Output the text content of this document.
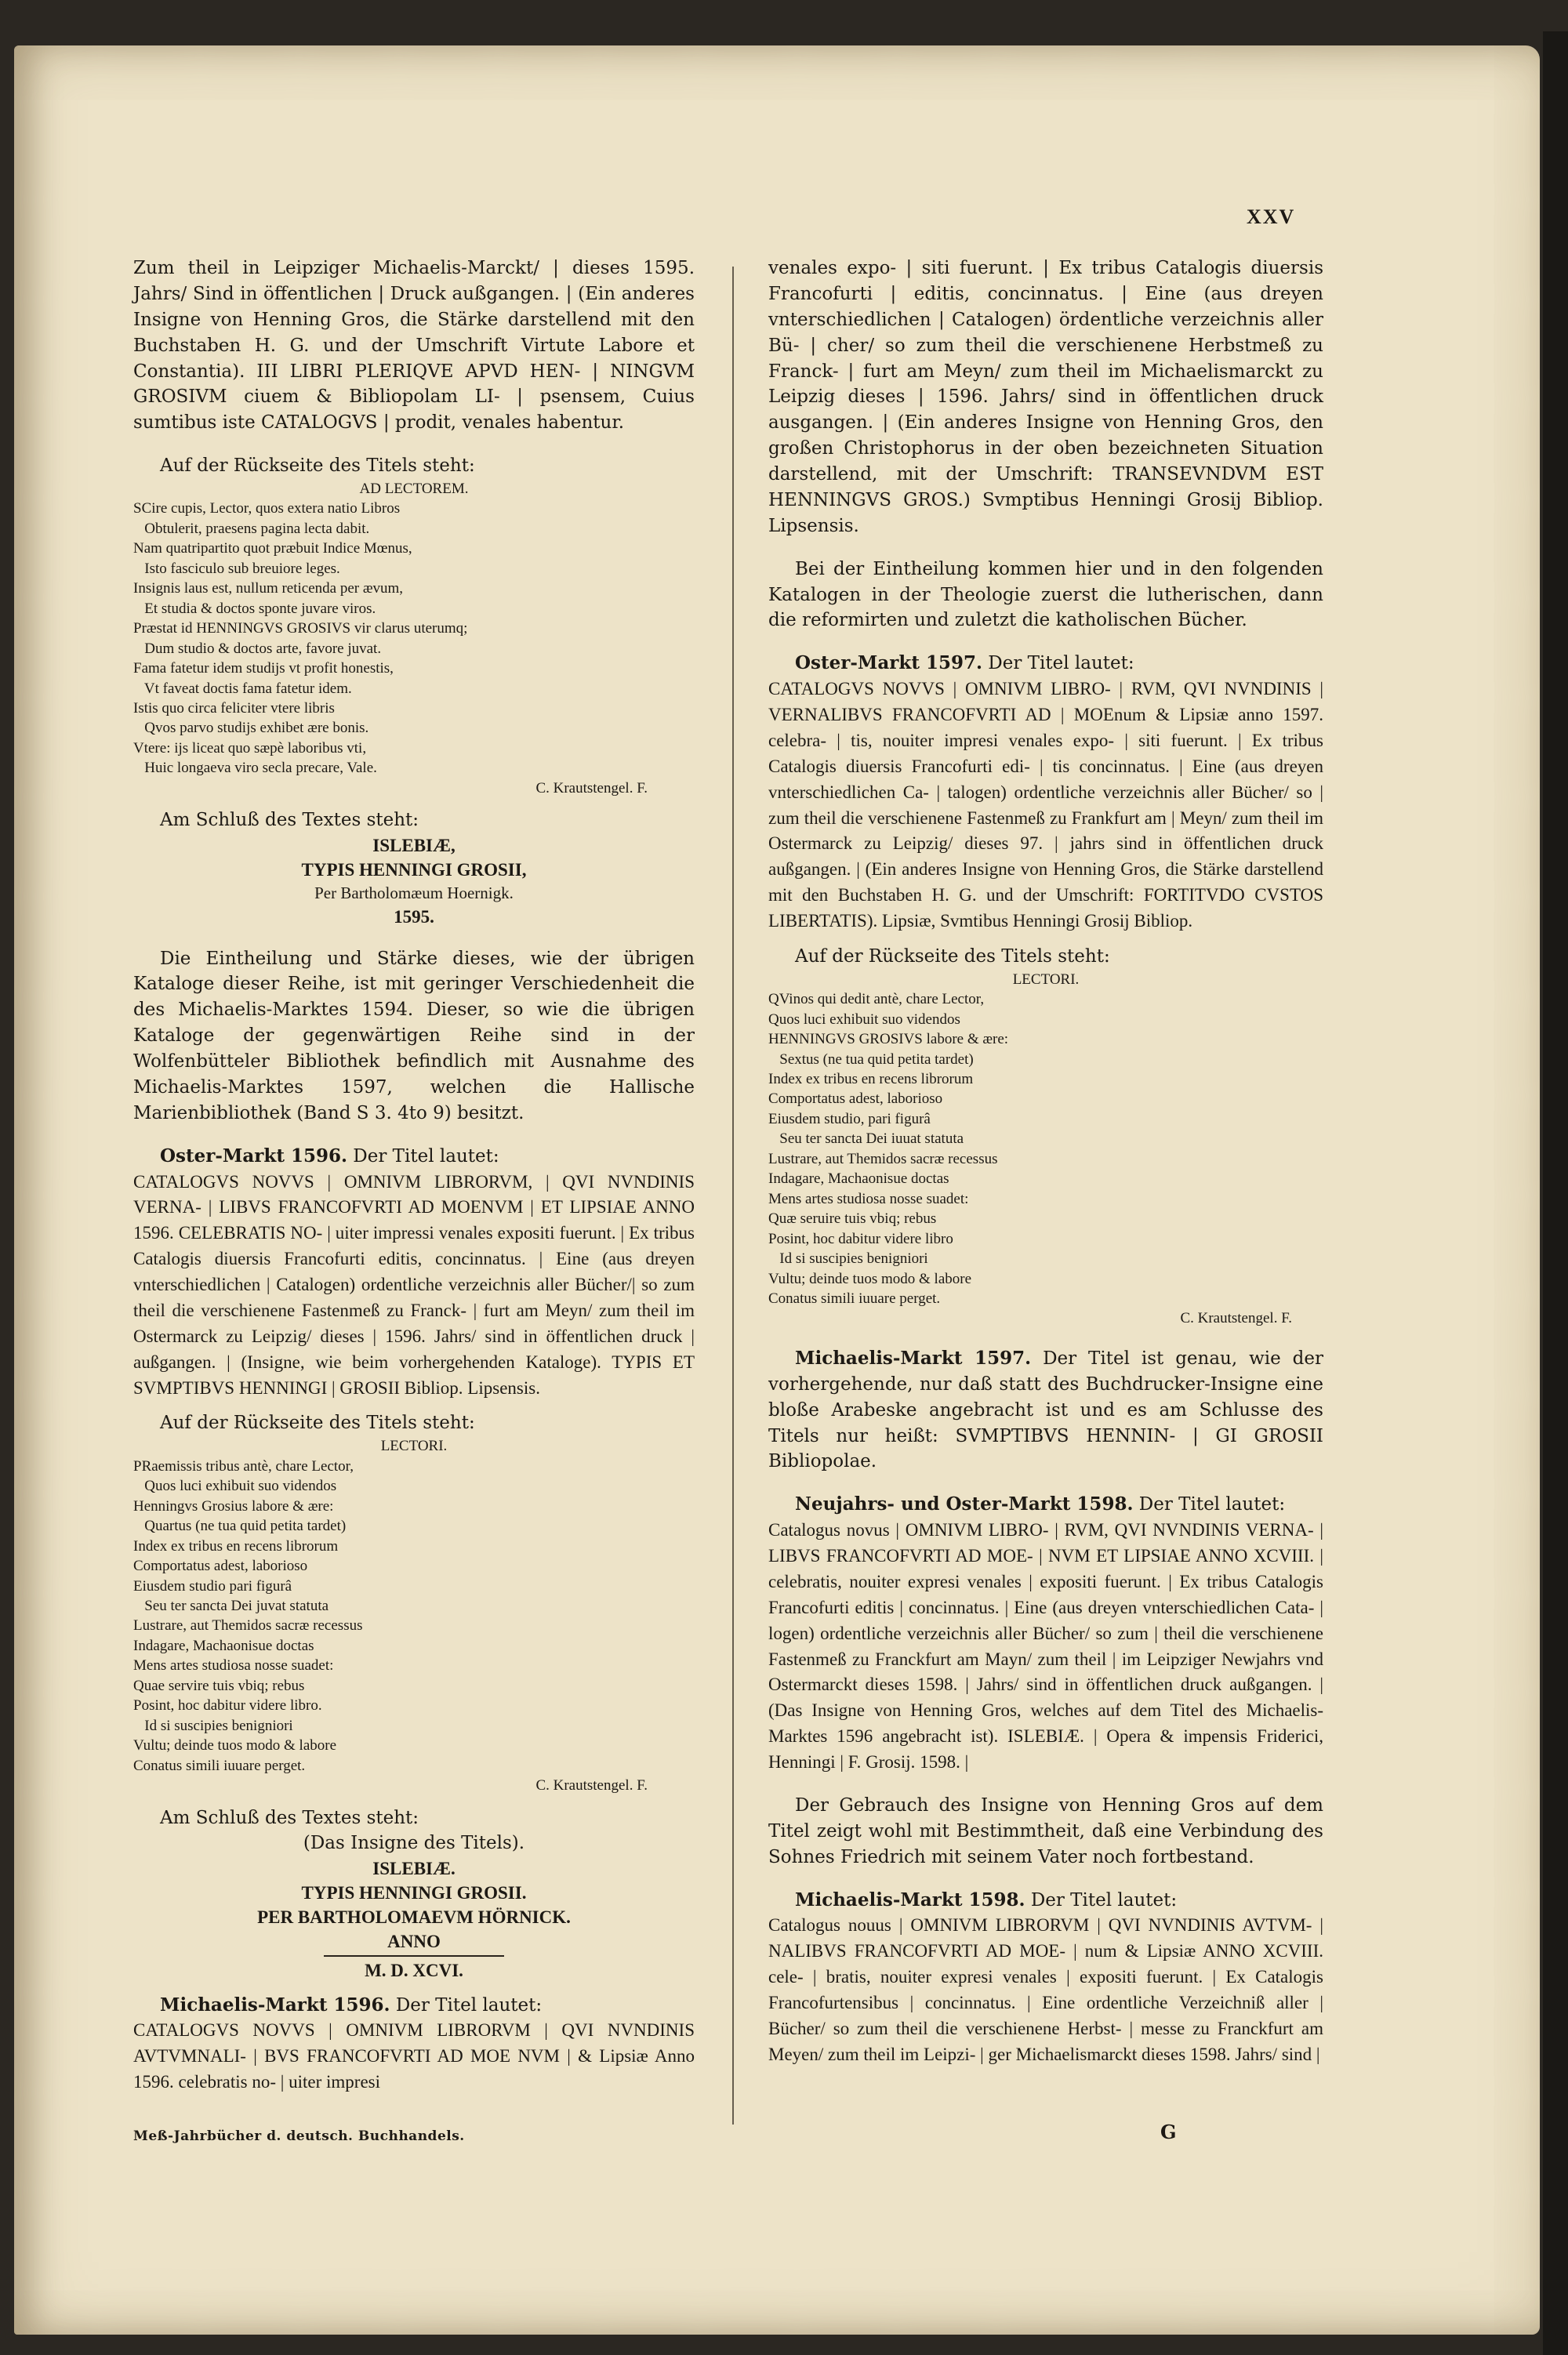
XXV

Zum theil in Leipziger Michaelis-Marckt/ | dieses 1595. Jahrs/ Sind in öffentlichen | Druck außgangen. | (Ein anderes Insigne von Henning Gros, die Stärke darstellend mit den Buchstaben H. G. und der Umschrift Virtute Labore et Constantia). III LIBRI PLERIQVE APVD HEN- | NINGVM GROSIVM ciuem & Bibliopolam LI- | psensem, Cuius sumtibus iste CATALOGVS | prodit, venales habentur.

Auf der Rückseite des Titels steht:

AD LECTOREM.
SCire cupis, Lector, quos extera natio Libros
Obtulerit, praesens pagina lecta dabit.
Nam quatripartito quot præbuit Indice Mœnus,
Isto fasciculo sub breuiore leges.
Insignis laus est, nullum reticenda per ævum,
Et studia & doctos sponte juvare viros.
Præstat id HENNINGVS GROSIVS vir clarus uterumq;
Dum studio & doctos arte, favore juvat.
Fama fatetur idem studijs vt profit honestis,
Vt faveat doctis fama fatetur idem.
Istis quo circa feliciter vtere libris
Qvos parvo studijs exhibet ære bonis.
Vtere: ijs liceat quo sæpè laboribus vti,
Huic longaeva viro secla precare, Vale.
C. Krautstengel. F.

Am Schluß des Textes steht:

ISLEBIÆ,
TYPIS HENNINGI GROSII,
Per Bartholomæum Hoernigk.
1595.

Die Eintheilung und Stärke dieses, wie der übrigen Kataloge dieser Reihe, ist mit geringer Verschiedenheit die des Michaelis-Marktes 1594. Dieser, so wie die übrigen Kataloge der gegenwärtigen Reihe sind in der Wolfenbütteler Bibliothek befindlich mit Ausnahme des Michaelis-Marktes 1597, welchen die Hallische Marienbibliothek (Band S 3. 4to 9) besitzt.

Oster-Markt 1596. Der Titel lautet:

CATALOGVS NOVVS | OMNIVM LIBRORVM, | QVI NVNDINIS VERNA- | LIBVS FRANCOFVRTI AD MOENVM | ET LIPSIAE ANNO 1596. CELEBRATIS NO- | uiter impressi venales expositi fuerunt. | Ex tribus Catalogis diuersis Francofurti editis, concinnatus. | Eine (aus dreyen vnterschiedlichen | Catalogen) ordentliche verzeichnis aller Bücher/| so zum theil die verschienene Fastenmeß zu Franck- | furt am Meyn/ zum theil im Ostermarck zu Leipzig/ dieses | 1596. Jahrs/ sind in öffentlichen druck | außgangen. | (Insigne, wie beim vorhergehenden Kataloge). TYPIS ET SVMPTIBVS HENNINGI | GROSII Bibliop. Lipsensis.

Auf der Rückseite des Titels steht:

LECTORI.
PRaemissis tribus antè, chare Lector,
Quos luci exhibuit suo videndos
Henningvs Grosius labore & ære:
Quartus (ne tua quid petita tardet)
Index ex tribus en recens librorum
Comportatus adest, laborioso
Eiusdem studio pari figurâ
Seu ter sancta Dei juvat statuta
Lustrare, aut Themidos sacræ recessus
Indagare, Machaonisue doctas
Mens artes studiosa nosse suadet:
Quae servire tuis vbiq; rebus
Posint, hoc dabitur videre libro.
Id si suscipies benigniori
Vultu; deinde tuos modo & labore
Conatus simili iuuare perget.
C. Krautstengel. F.

Am Schluß des Textes steht:

(Das Insigne des Titels).

ISLEBIÆ.
TYPIS HENNINGI GROSII.
PER BARTHOLOMAEVM HÖRNICK.
ANNO
M. D. XCVI.

Michaelis-Markt 1596. Der Titel lautet:

CATALOGVS NOVVS | OMNIVM LIBRORVM | QVI NVNDINIS AVTVMNALI- | BVS FRANCOFVRTI AD MOE NVM | & Lipsiæ Anno 1596. celebratis no- | uiter impresi

venales expo- | siti fuerunt. | Ex tribus Catalogis diuersis Francofurti | editis, concinnatus. | Eine (aus dreyen vnterschiedlichen | Catalogen) ördentliche verzeichnis aller Bü- | cher/ so zum theil die verschienene Herbstmeß zu Franck- | furt am Meyn/ zum theil im Michaelismarckt zu Leipzig dieses | 1596. Jahrs/ sind in öffentlichen druck ausgangen. | (Ein anderes Insigne von Henning Gros, den großen Christophorus in der oben bezeichneten Situation darstellend, mit der Umschrift: TRANSEVNDVM EST HENNINGVS GROS.) Svmptibus Henningi Grosij Bibliop. Lipsensis.

Bei der Eintheilung kommen hier und in den folgenden Katalogen in der Theologie zuerst die lutherischen, dann die reformirten und zuletzt die katholischen Bücher.

Oster-Markt 1597. Der Titel lautet:

CATALOGVS NOVVS | OMNIVM LIBRO- | RVM, QVI NVNDINIS | VERNALIBVS FRANCOFVRTI AD | MOEnum & Lipsiæ anno 1597. celebra- | tis, nouiter impresi venales expo- | siti fuerunt. | Ex tribus Catalogis diuersis Francofurti edi- | tis concinnatus. | Eine (aus dreyen vnterschiedlichen Ca- | talogen) ordentliche verzeichnis aller Bücher/ so | zum theil die verschienene Fastenmeß zu Frankfurt am | Meyn/ zum theil im Ostermarck zu Leipzig/ dieses 97. | jahrs sind in öffentlichen druck außgangen. | (Ein anderes Insigne von Henning Gros, die Stärke darstellend mit den Buchstaben H. G. und der Umschrift: FORTITVDO CVSTOS LIBERTATIS). Lipsiæ, Svmtibus Henningi Grosij Bibliop.

Auf der Rückseite des Titels steht:

LECTORI.
QVinos qui dedit antè, chare Lector,
Quos luci exhibuit suo videndos
HENNINGVS GROSIVS labore & ære:
Sextus (ne tua quid petita tardet)
Index ex tribus en recens librorum
Comportatus adest, laborioso
Eiusdem studio, pari figurâ
Seu ter sancta Dei iuuat statuta
Lustrare, aut Themidos sacræ recessus
Indagare, Machaonisue doctas
Mens artes studiosa nosse suadet:
Quæ seruire tuis vbiq; rebus
Posint, hoc dabitur videre libro
Id si suscipies benigniori
Vultu; deinde tuos modo & labore
Conatus simili iuuare perget.
C. Krautstengel. F.

Michaelis-Markt 1597. Der Titel ist genau, wie der vorhergehende, nur daß statt des Buchdrucker-Insigne eine bloße Arabeske angebracht ist und es am Schlusse des Titels nur heißt: SVMPTIBVS HENNIN- | GI GROSII Bibliopolae.

Neujahrs- und Oster-Markt 1598. Der Titel lautet:

Catalogus novus | OMNIVM LIBRO- | RVM, QVI NVNDINIS VERNA- | LIBVS FRANCOFVRTI AD MOE- | NVM ET LIPSIAE ANNO XCVIII. | celebratis, nouiter expresi venales | expositi fuerunt. | Ex tribus Catalogis Francofurti editis | concinnatus. | Eine (aus dreyen vnterschiedlichen Cata- | logen) ordentliche verzeichnis aller Bücher/ so zum | theil die verschienene Fastenmeß zu Franckfurt am Mayn/ zum theil | im Leipziger Newjahrs vnd Ostermarckt dieses 1598. | Jahrs/ sind in öffentlichen druck außgangen. | (Das Insigne von Henning Gros, welches auf dem Titel des Michaelis-Marktes 1596 angebracht ist). ISLEBIÆ. | Opera & impensis Friderici, Henningi | F. Grosij. 1598. |

Der Gebrauch des Insigne von Henning Gros auf dem Titel zeigt wohl mit Bestimmtheit, daß eine Verbindung des Sohnes Friedrich mit seinem Vater noch fortbestand.

Michaelis-Markt 1598. Der Titel lautet:

Catalogus nouus | OMNIVM LIBRORVM | QVI NVNDINIS AVTVM- | NALIBVS FRANCOFVRTI AD MOE- | num & Lipsiæ ANNO XCVIII. cele- | bratis, nouiter expresi venales | expositi fuerunt. | Ex Catalogis Francofurtensibus | concinnatus. | Eine ordentliche Verzeichniß aller | Bücher/ so zum theil die verschienene Herbst- | messe zu Franckfurt am Meyen/ zum theil im Leipzi- | ger Michaelismarckt dieses 1598. Jahrs/ sind |

Meß-Jahrbücher d. deutsch. Buchhandels.	G
